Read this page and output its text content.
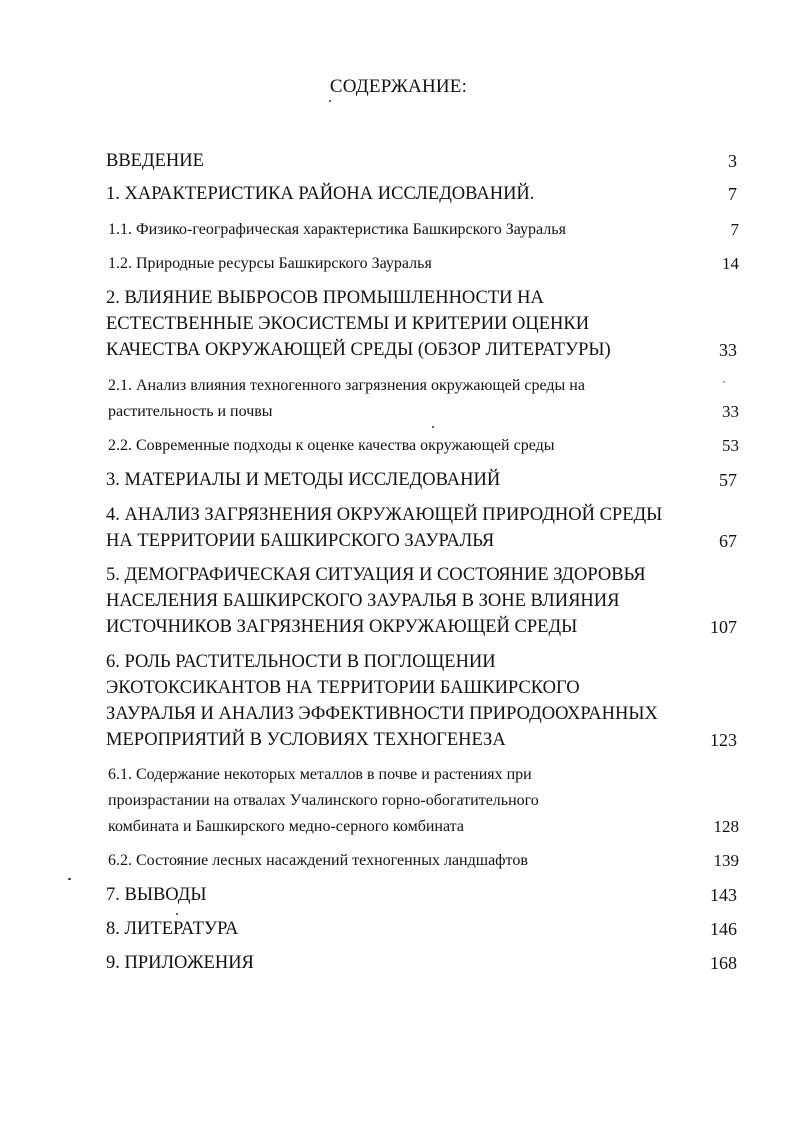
СОДЕРЖАНИЕ:
ВВЕДЕНИЕ	3
1. ХАРАКТЕРИСТИКА РАЙОНА ИССЛЕДОВАНИЙ.	7
1.1. Физико-географическая характеристика Башкирского Зауралья	7
1.2. Природные ресурсы Башкирского Зауралья	14
2. ВЛИЯНИЕ ВЫБРОСОВ ПРОМЫШЛЕННОСТИ НА
ЕСТЕСТВЕННЫЕ ЭКОСИСТЕМЫ И КРИТЕРИИ ОЦЕНКИ
КАЧЕСТВА ОКРУЖАЮЩЕЙ СРЕДЫ (ОБЗОР ЛИТЕРАТУРЫ)	33
2.1. Анализ влияния техногенного загрязнения окружающей среды на
растительность и почвы	33
2.2. Современные подходы к оценке качества окружающей среды	53
3. МАТЕРИАЛЫ И МЕТОДЫ ИССЛЕДОВАНИЙ	57
4. АНАЛИЗ ЗАГРЯЗНЕНИЯ ОКРУЖАЮЩЕЙ ПРИРОДНОЙ СРЕДЫ
НА ТЕРРИТОРИИ БАШКИРСКОГО ЗАУРАЛЬЯ	67
5. ДЕМОГРАФИЧЕСКАЯ СИТУАЦИЯ И СОСТОЯНИЕ ЗДОРОВЬЯ
НАСЕЛЕНИЯ БАШКИРСКОГО ЗАУРАЛЬЯ В ЗОНЕ ВЛИЯНИЯ
ИСТОЧНИКОВ ЗАГРЯЗНЕНИЯ ОКРУЖАЮЩЕЙ СРЕДЫ	107
6. РОЛЬ РАСТИТЕЛЬНОСТИ В ПОГЛОЩЕНИИ
ЭКОТОКСИКАНТОВ НА ТЕРРИТОРИИ БАШКИРСКОГО
ЗАУРАЛЬЯ И АНАЛИЗ ЭФФЕКТИВНОСТИ ПРИРОДООХРАННЫХ
МЕРОПРИЯТИЙ В УСЛОВИЯХ ТЕХНОГЕНЕЗА	123
6.1. Содержание некоторых металлов в почве и растениях при
произрастании на отвалах Учалинского горно-обогатительного
комбината и Башкирского медно-серного комбината	128
6.2. Состояние лесных насаждений техногенных ландшафтов	139
7. ВЫВОДЫ	143
8. ЛИТЕРАТУРА	146
9. ПРИЛОЖЕНИЯ	168
